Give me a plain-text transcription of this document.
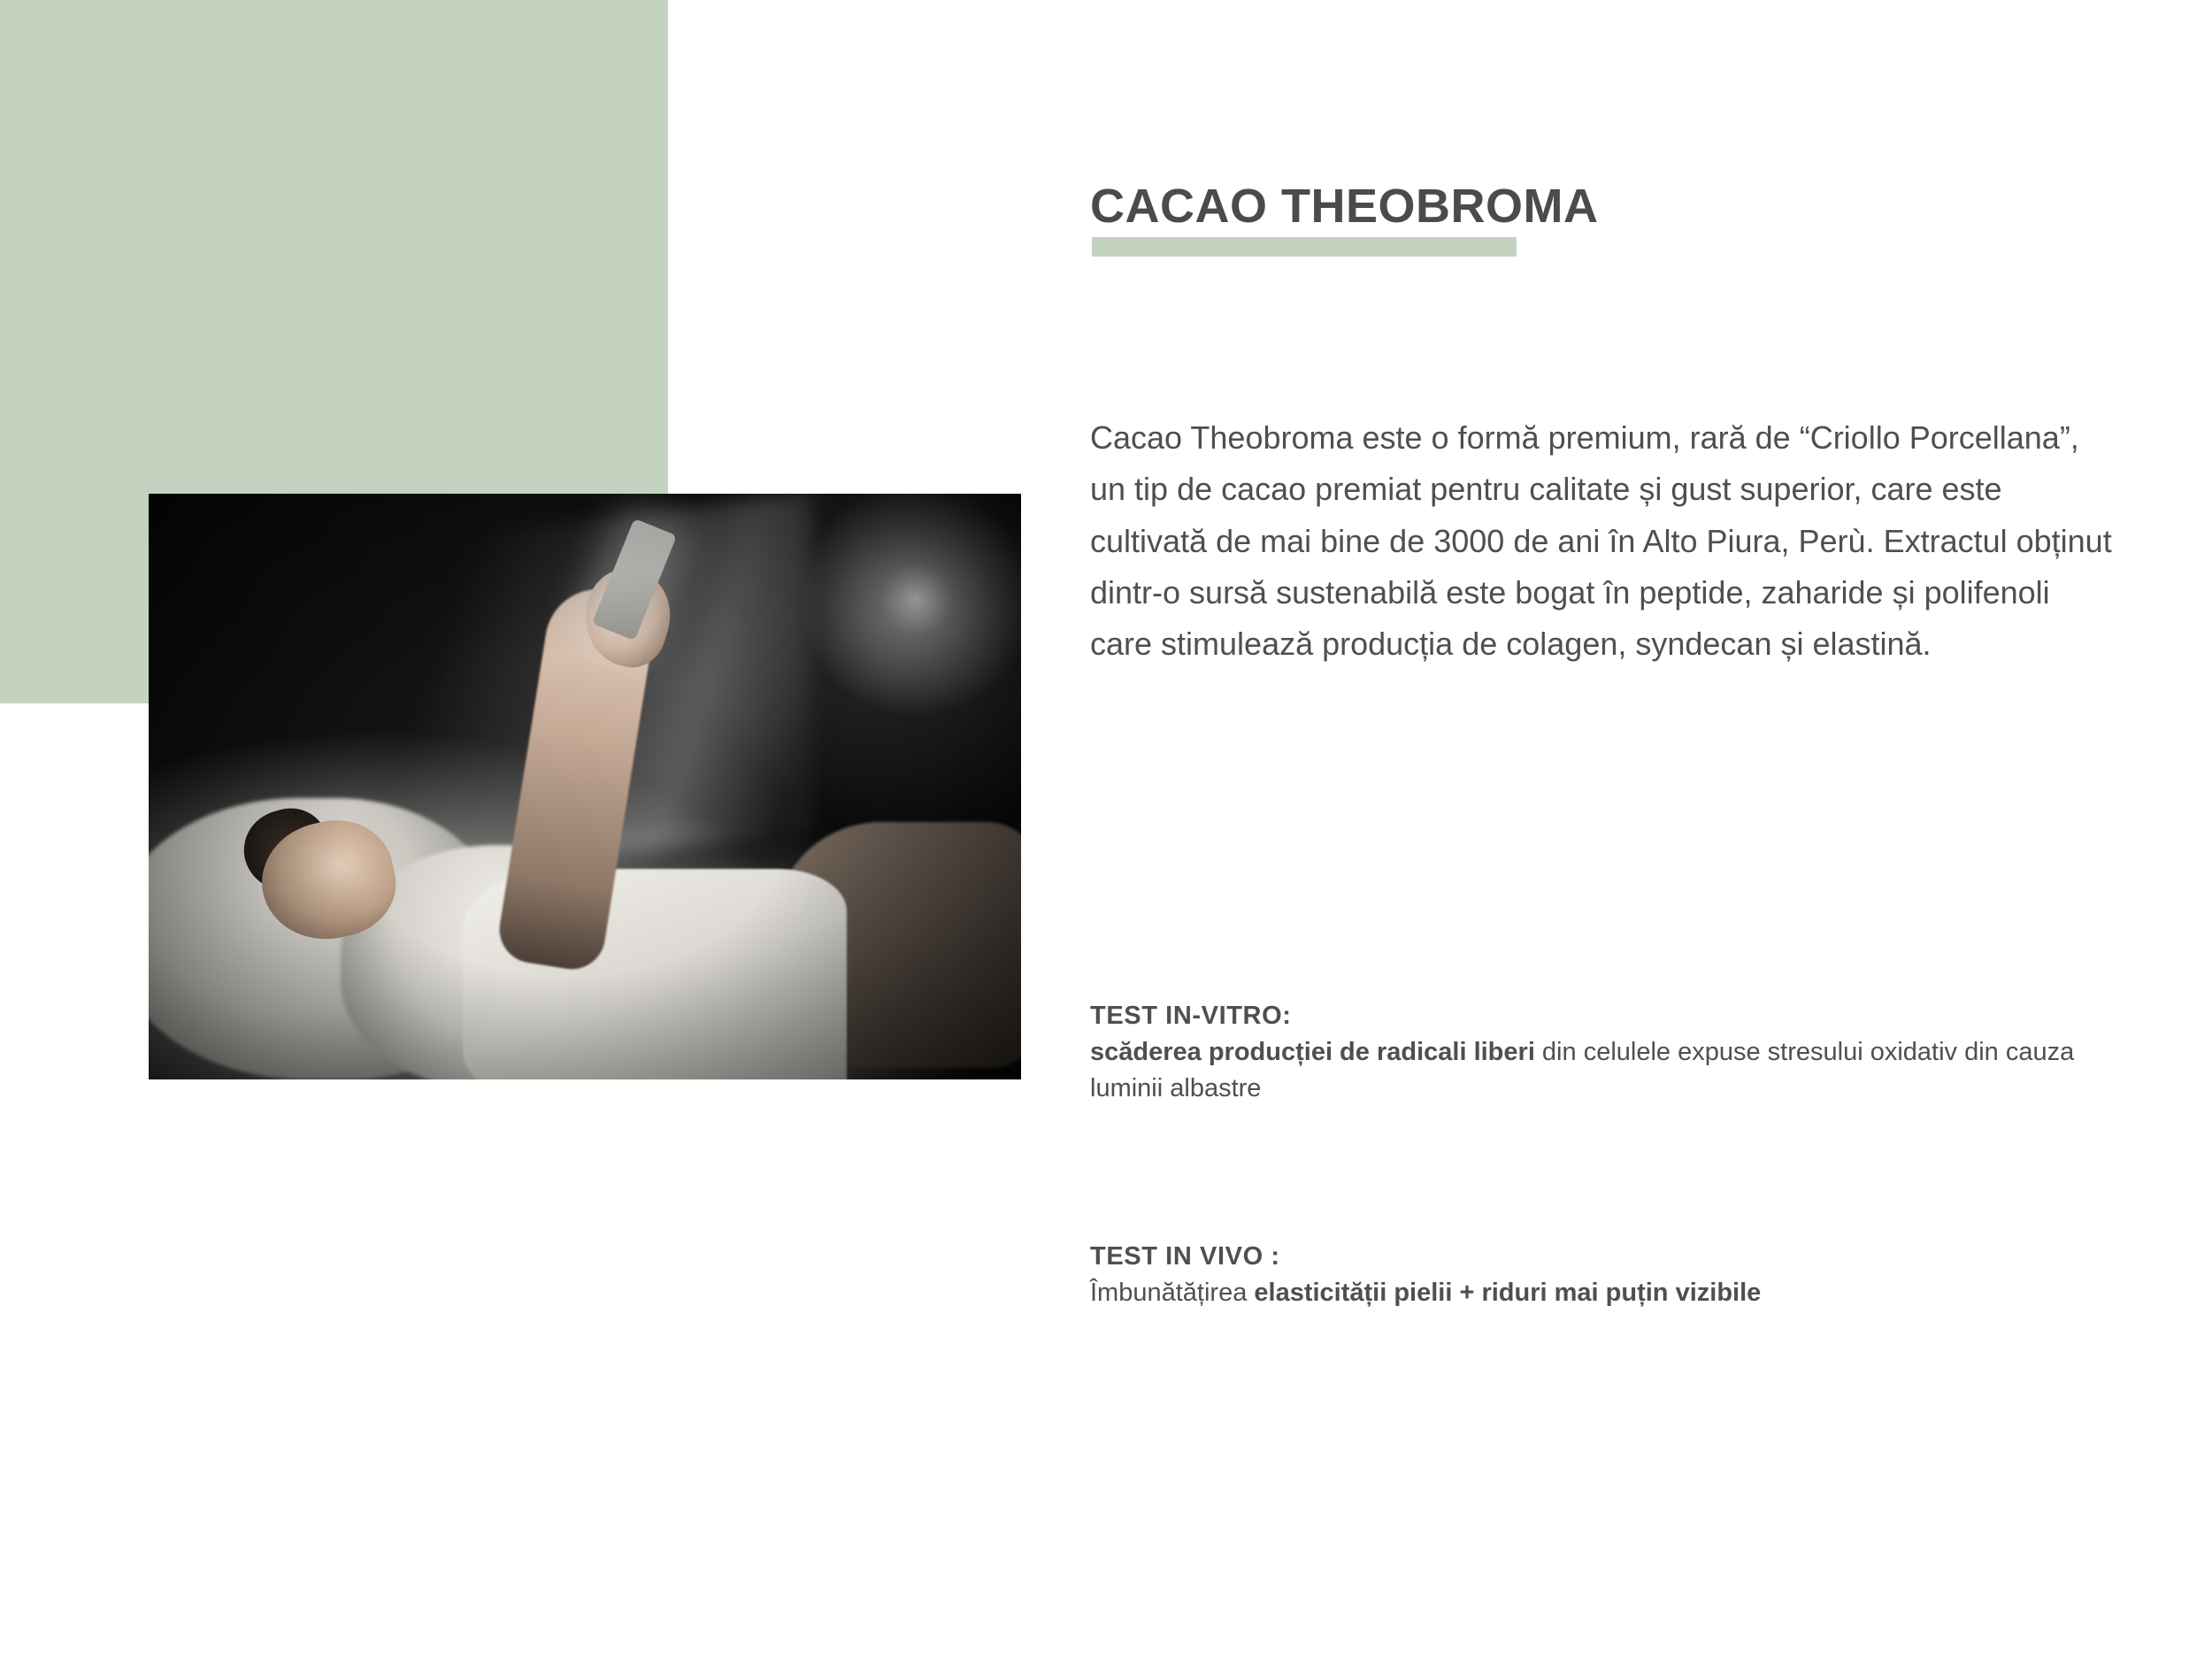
CACAO THEOBROMA

Cacao Theobroma este o formă premium, rară de “Criollo Porcellana”, un tip de cacao premiat pentru calitate și gust superior, care este cultivată de mai bine de 3000 de ani în Alto Piura, Perù. Extractul obținut dintr-o sursă sustenabilă este bogat în peptide, zaharide și polifenoli care stimulează producția de colagen, syndecan și elastină.

TEST IN-VITRO:
scăderea producției de radicali liberi din celulele expuse stresului oxidativ din cauza luminii albastre
TEST IN VIVO :
Îmbunătățirea elasticității pielii + riduri mai puțin vizibile
